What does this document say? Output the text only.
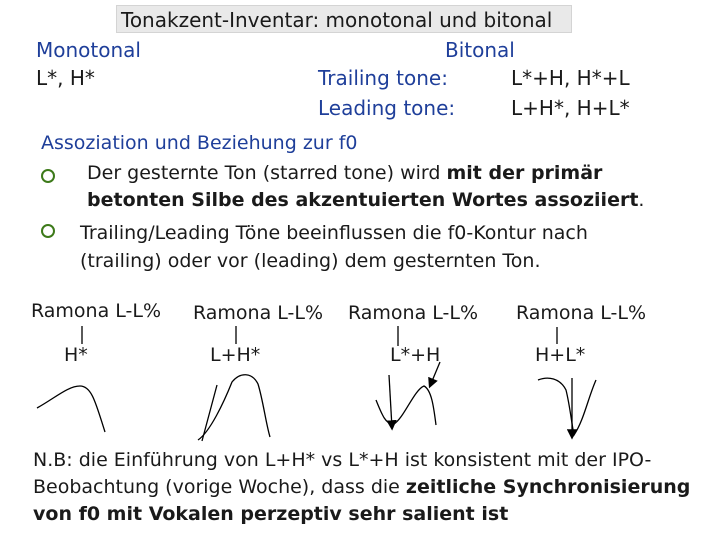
Tonakzent-Inventar: monotonal und bitonal
Monotonal
L*, H*
Bitonal
Trailing tone:	L*+H, H*+L
Leading tone:	L+H*, H+L*
Assoziation und Beziehung zur f0
Der gesternte Ton (starred tone) wird mit der primär
betonten Silbe des akzentuierten Wortes assoziiert.
Trailing/Leading Töne beeinflussen die f0-Kontur nach
(trailing) oder vor (leading) dem gesternten Ton.
Ramona L-L% Ramona L-L% Ramona L-L% Ramona L-L%
H*	L+H*	L*+H	H+L*
N.B: die Einführung von L+H* vs L*+H ist konsistent mit der IPO-
Beobachtung (vorige Woche), dass die zeitliche Synchronisierung
von f0 mit Vokalen perzeptiv sehr salient ist
